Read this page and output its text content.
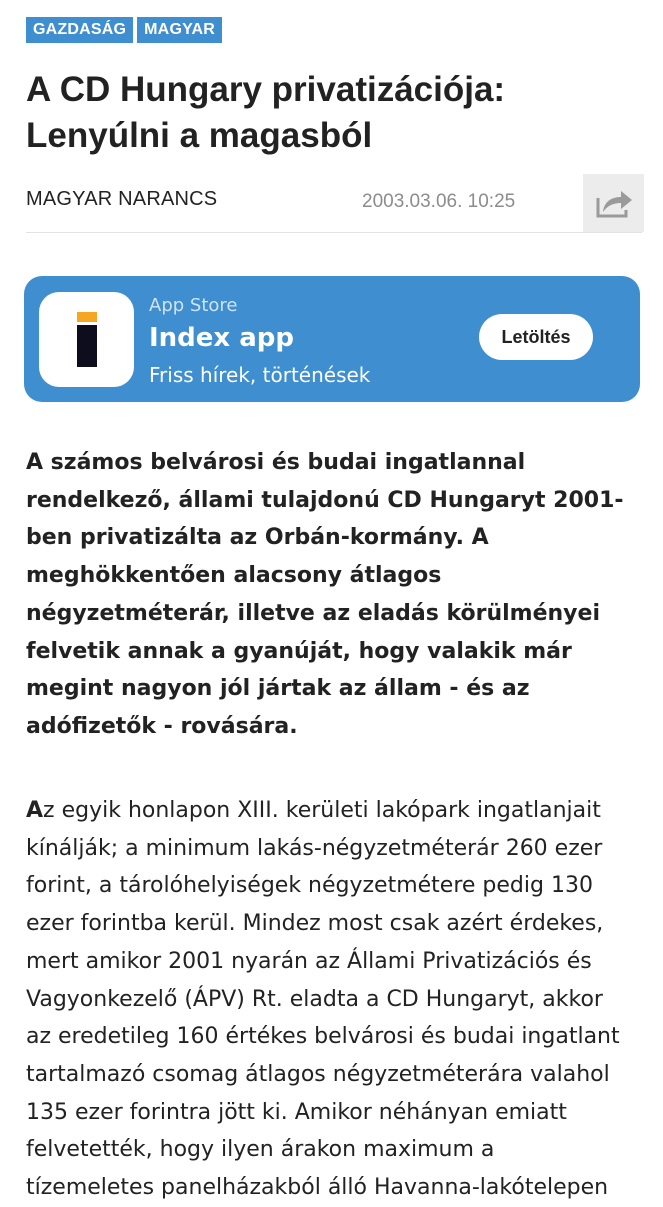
GAZDASÁG	MAGYAR
A CD Hungary privatizációja: Lenyúlni a magasból
MAGYAR NARANCS	2003.03.06. 10:25
App Store
Index app
Friss hírek, történések
Letöltés

A számos belvárosi és budai ingatlannal
rendelkező, állami tulajdonú CD Hungaryt 2001-
ben privatizálta az Orbán-kormány. A
meghökkentően alacsony átlagos
négyzetméterár, illetve az eladás körülményei
felvetik annak a gyanúját, hogy valakik már
megint nagyon jól jártak az állam - és az
adófizetők - rovására.

Az egyik honlapon XIII. kerületi lakópark ingatlanjait
kínálják; a minimum lakás-négyzetméterár 260 ezer
forint, a tárolóhelyiségek négyzetmétere pedig 130
ezer forintba kerül. Mindez most csak azért érdekes,
mert amikor 2001 nyarán az Állami Privatizációs és
Vagyonkezelő (ÁPV) Rt. eladta a CD Hungaryt, akkor
az eredetileg 160 értékes belvárosi és budai ingatlant
tartalmazó csomag átlagos négyzetméterára valahol
135 ezer forintra jött ki. Amikor néhányan emiatt
felvetették, hogy ilyen árakon maximum a
tízemeletes panelházakból álló Havanna-lakótelepen
